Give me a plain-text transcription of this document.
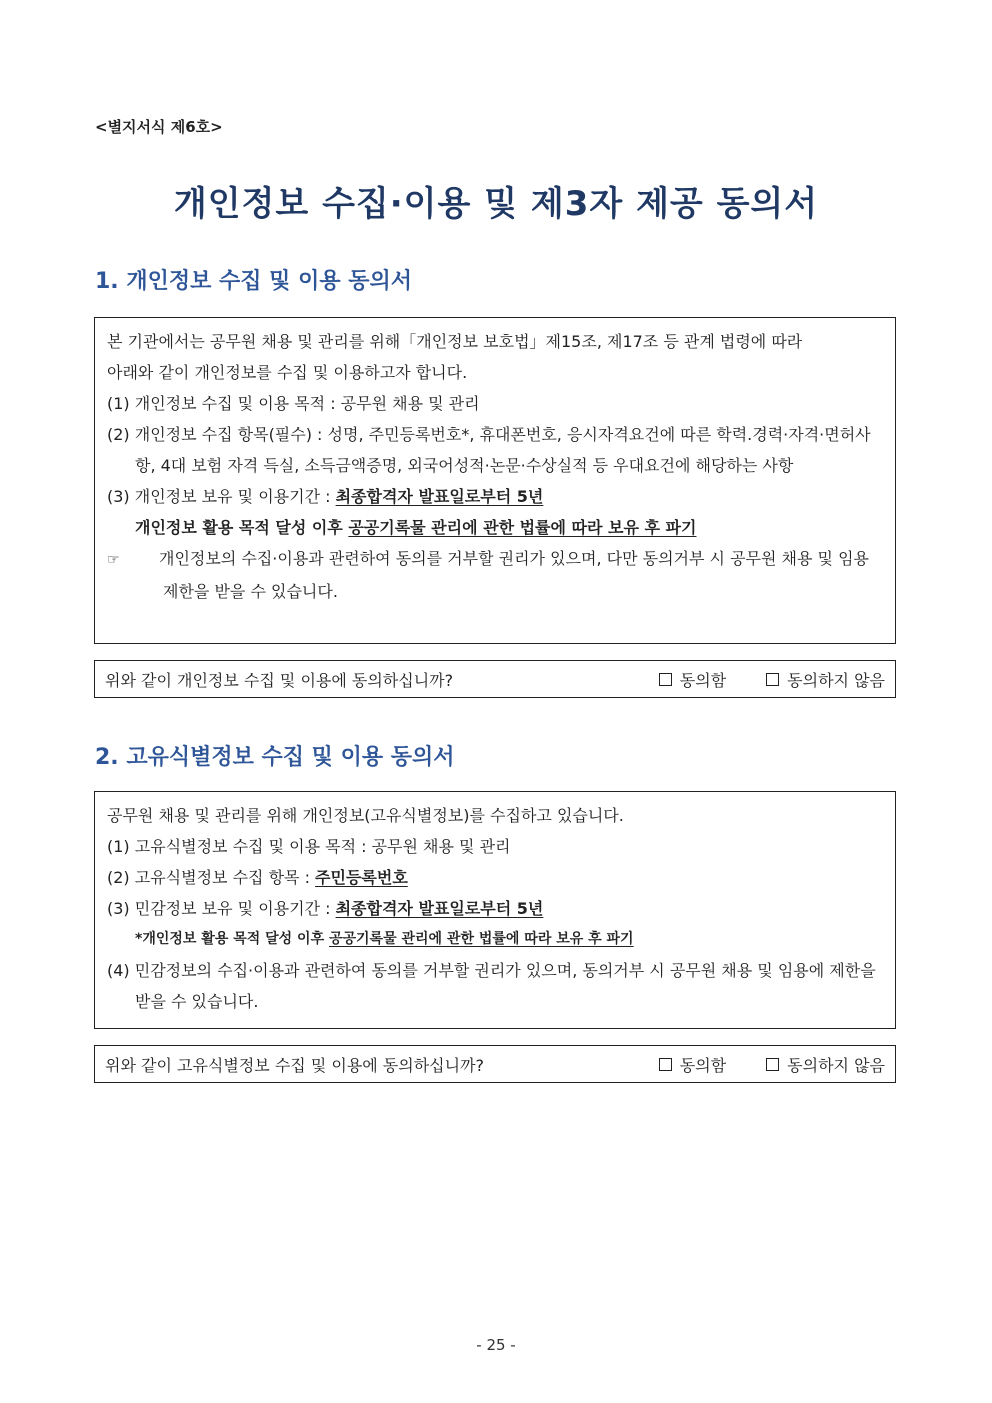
<별지서식 제6호>
개인정보 수집·이용 및 제3자 제공 동의서
1. 개인정보 수집 및 이용 동의서

본 기관에서는 공무원 채용 및 관리를 위해「개인정보 보호법」제15조, 제17조 등 관계 법령에 따라

아래와 같이 개인정보를 수집 및 이용하고자 합니다.

(1) 개인정보 수집 및 이용 목적 : 공무원 채용 및 관리

(2) 개인정보 수집 항목(필수) : 성명, 주민등록번호*, 휴대폰번호, 응시자격요건에 따른 학력.경력·자격·면허사항, 4대 보험 자격 득실, 소득금액증명, 외국어성적·논문·수상실적 등 우대요건에 해당하는 사항

(3) 개인정보 보유 및 이용기간 : 최종합격자 발표일로부터 5년

개인정보 활용 목적 달성 이후 공공기록물 관리에 관한 법률에 따라 보유 후 파기

☞ 개인정보의 수집·이용과 관련하여 동의를 거부할 권리가 있으며, 다만 동의거부 시 공무원 채용 및 임용 제한을 받을 수 있습니다.

위와 같이 개인정보 수집 및 이용에 동의하십니까?	동의함	동의하지 않음
2. 고유식별정보 수집 및 이용 동의서

공무원 채용 및 관리를 위해 개인정보(고유식별정보)를 수집하고 있습니다.

(1) 고유식별정보 수집 및 이용 목적 : 공무원 채용 및 관리

(2) 고유식별정보 수집 항목 : 주민등록번호

(3) 민감정보 보유 및 이용기간 : 최종합격자 발표일로부터 5년

*개인정보 활용 목적 달성 이후 공공기록물 관리에 관한 법률에 따라 보유 후 파기

(4) 민감정보의 수집·이용과 관련하여 동의를 거부할 권리가 있으며, 동의거부 시 공무원 채용 및 임용에 제한을 받을 수 있습니다.

위와 같이 고유식별정보 수집 및 이용에 동의하십니까?	동의함	동의하지 않음
- 25 -
